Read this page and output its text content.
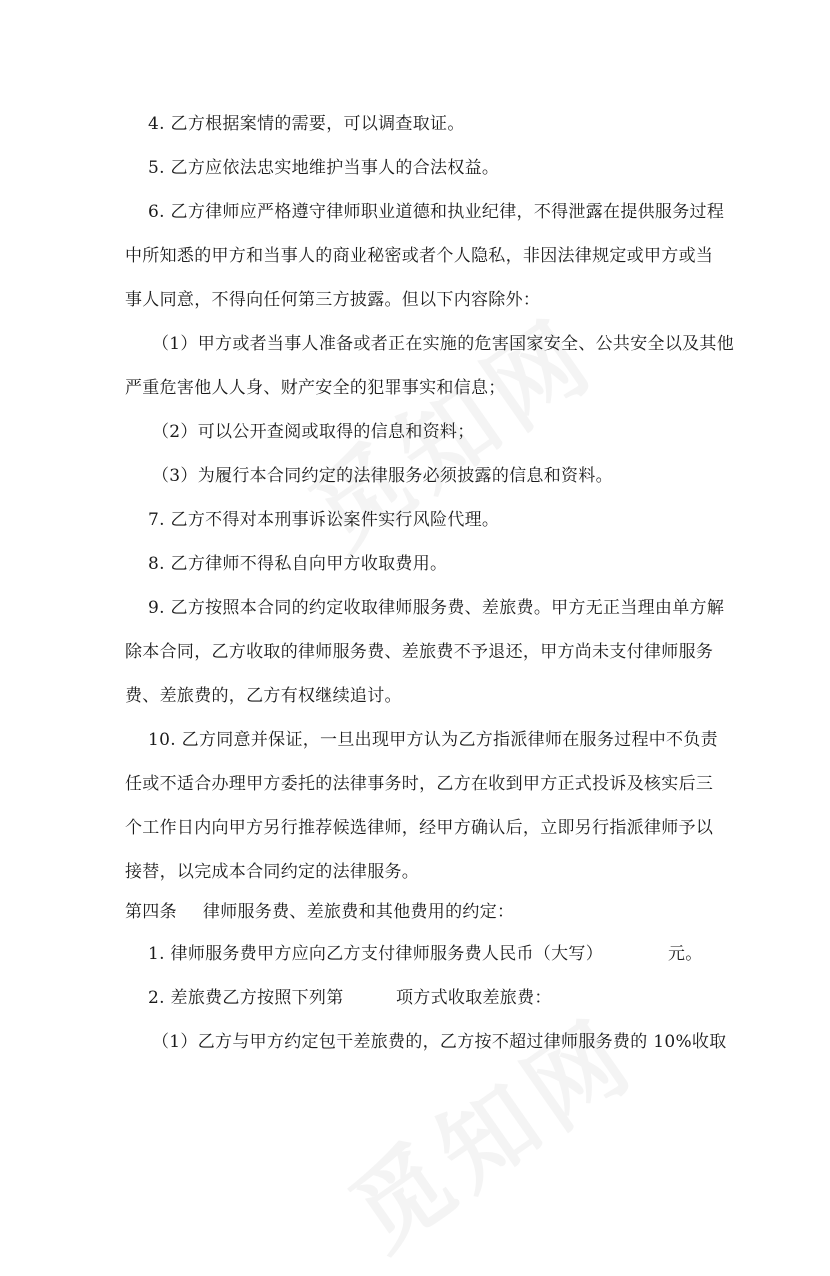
4. 乙方根据案情的需要，可以调查取证。
5. 乙方应依法忠实地维护当事人的合法权益。
6. 乙方律师应严格遵守律师职业道德和执业纪律，不得泄露在提供服务过程
中所知悉的甲方和当事人的商业秘密或者个人隐私，非因法律规定或甲方或当
事人同意，不得向任何第三方披露。但以下内容除外：
（1）甲方或者当事人准备或者正在实施的危害国家安全、公共安全以及其他
严重危害他人人身、财产安全的犯罪事实和信息；
（2）可以公开查阅或取得的信息和资料；
（3）为履行本合同约定的法律服务必须披露的信息和资料。
7. 乙方不得对本刑事诉讼案件实行风险代理。
8. 乙方律师不得私自向甲方收取费用。
9. 乙方按照本合同的约定收取律师服务费、差旅费。甲方无正当理由单方解
除本合同，乙方收取的律师服务费、差旅费不予退还，甲方尚未支付律师服务
费、差旅费的，乙方有权继续追讨。
10. 乙方同意并保证，一旦出现甲方认为乙方指派律师在服务过程中不负责
任或不适合办理甲方委托的法律事务时，乙方在收到甲方正式投诉及核实后三
个工作日内向甲方另行推荐候选律师，经甲方确认后，立即另行指派律师予以
接替，以完成本合同约定的法律服务。
第四条 律师服务费、差旅费和其他费用的约定：
1. 律师服务费甲方应向乙方支付律师服务费人民币（大写）	元。
2. 差旅费乙方按照下列第	项方式收取差旅费：
（1）乙方与甲方约定包干差旅费的，乙方按不超过律师服务费的 10%收取
